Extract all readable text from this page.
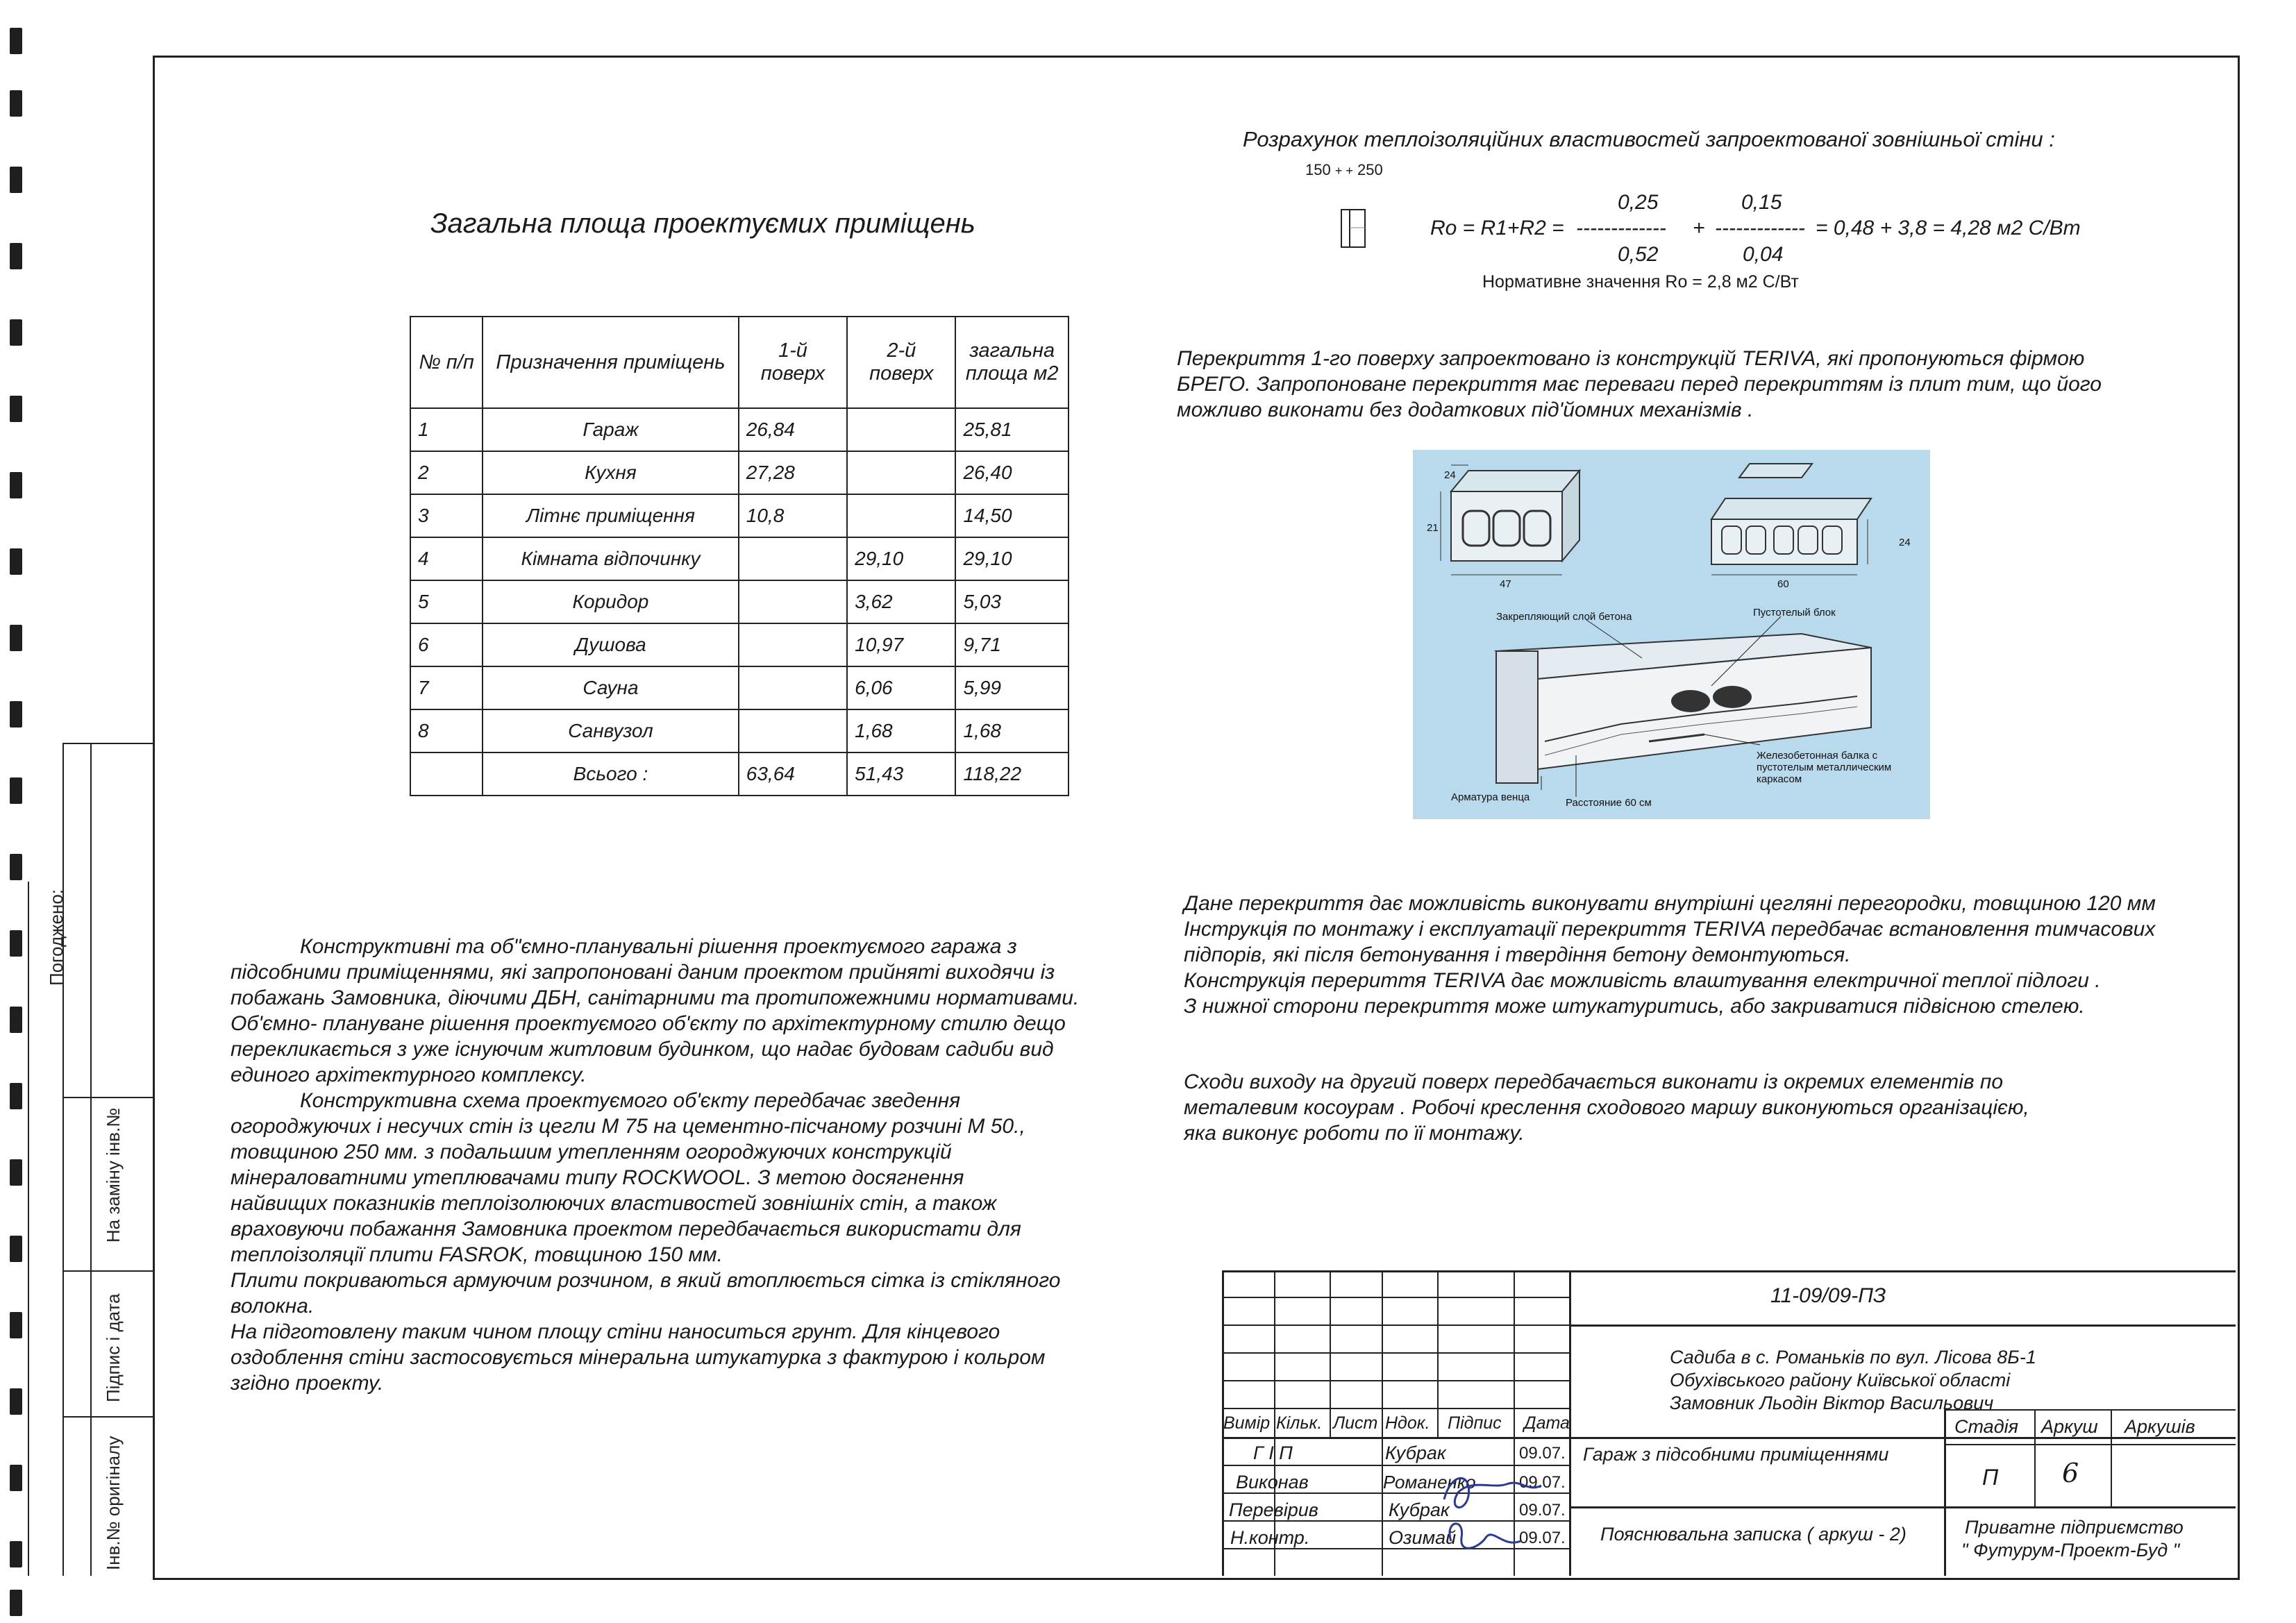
Погоджено:
На заміну інв.№
Підпис і дата
Інв.№ оригіналу
Загальна площа проектуємих приміщень
№ п/п	Призначення приміщень	1-й поверх	2-й поверх	загальна площа м2
1	Гараж	26,84		25,81
2	Кухня	27,28		26,40
3	Літнє приміщення	10,8		14,50
4	Кімната відпочинку		29,10	29,10
5	Коридор		3,62	5,03
6	Душова		10,97	9,71
7	Сауна		6,06	5,99
8	Санвузол		1,68	1,68
	Всього :	63,64	51,43	118,22
Розрахунок теплоізоляційних властивостей запроектованої зовнішньої стіни :
150 + + 250
Ro = R1+R2 =
0,25
-------------
0,52
+
0,15
-------------
0,04
= 0,48 + 3,8 = 4,28 м2 С/Вт
Нормативне значення Ro = 2,8 м2 С/Вт
Перекриття 1-го поверху запроектовано із конструкцій TERIVA, які пропонуються фірмою
БРЕГО. Запропоноване перекриття має переваги перед перекриттям із плит тим, що його
можливо виконати без додаткових під'йомних механізмів .
24
21
47	60
24
Закрепляющий слой бетона	Пустотелый блок
Железобетонная балка с пустотелым металлическим каркасом
Арматура венца	Расстояние 60 см
Дане перекриття дає можливість виконувати внутрішні цегляні перегородки, товщиною 120 мм
Інструкція по монтажу і експлуатації перекриття TERIVA передбачає встановлення тимчасових
підпорів, які після бетонування і твердіння бетону демонтуються.
Конструкція перериття TERIVA дає можливість влаштування електричної теплої підлоги .
З нижної сторони перекриття може штукатуритись, або закриватися підвісною стелею.
Сходи виходу на другий поверх передбачається виконати із окремих елементів по
металевим косоурам . Робочі креслення сходового маршу виконуються організацією,
яка виконує роботи по її монтажу.
Конструктивні та об"ємно-планувальні рішення проектуємого гаража з
підсобними приміщеннями, які запропоновані даним проектом прийняті виходячи із
побажань Замовника, діючими ДБН, санітарними та протипожежними нормативами.
Об'ємно- плануване рішення проектуємого об'єкту по архітектурному стилю дещо
перекликається з уже існуючим житловим будинком, що надає будовам садиби вид
единого архітектурного комплексу.
Конструктивна схема проектуємого об'єкту передбачає зведення
огороджуючих і несучих стін із цегли М 75 на цементно-пісчаному розчині М 50.,
товщиною 250 мм. з подальшим утепленням огороджуючих конструкцій
мінераловатними утеплювачами типу ROCKWOOL. З метою досягнення
найвищих показників теплоізолюючих властивостей зовнішніх стін, а також
враховуючи побажання Замовника проектом передбачається використати для
теплоізоляції плити FASROK, товщиною 150 мм.
Плити покриваються армуючим розчином, в який втоплюється сітка із стікляного
волокна.
На підготовлену таким чином площу стіни наноситься грунт. Для кінцевого
оздоблення стіни застосовується мінеральна штукатурка з фактурою і кольром
згідно проекту.
11-09/09-ПЗ
Садиба в с. Романьків по вул. Лісова 8Б-1
Обухівського району Київської області
Замовник Льодін Віктор Васильович
Вимір Кільк. Лист Ндок. Підпис Дата
Гараж з підсобними приміщеннями
Стадія Аркуш Аркушів
П 6
Пояснювальна записка ( аркуш - 2)	Приватне підприємство
" Футурум-Проект-Буд "
Г І П	Кубрак	09.07.
Виконав	Романенко	09.07.
Перевірив	Кубрак	09.07.
Н.контр.	Озимай	09.07.
